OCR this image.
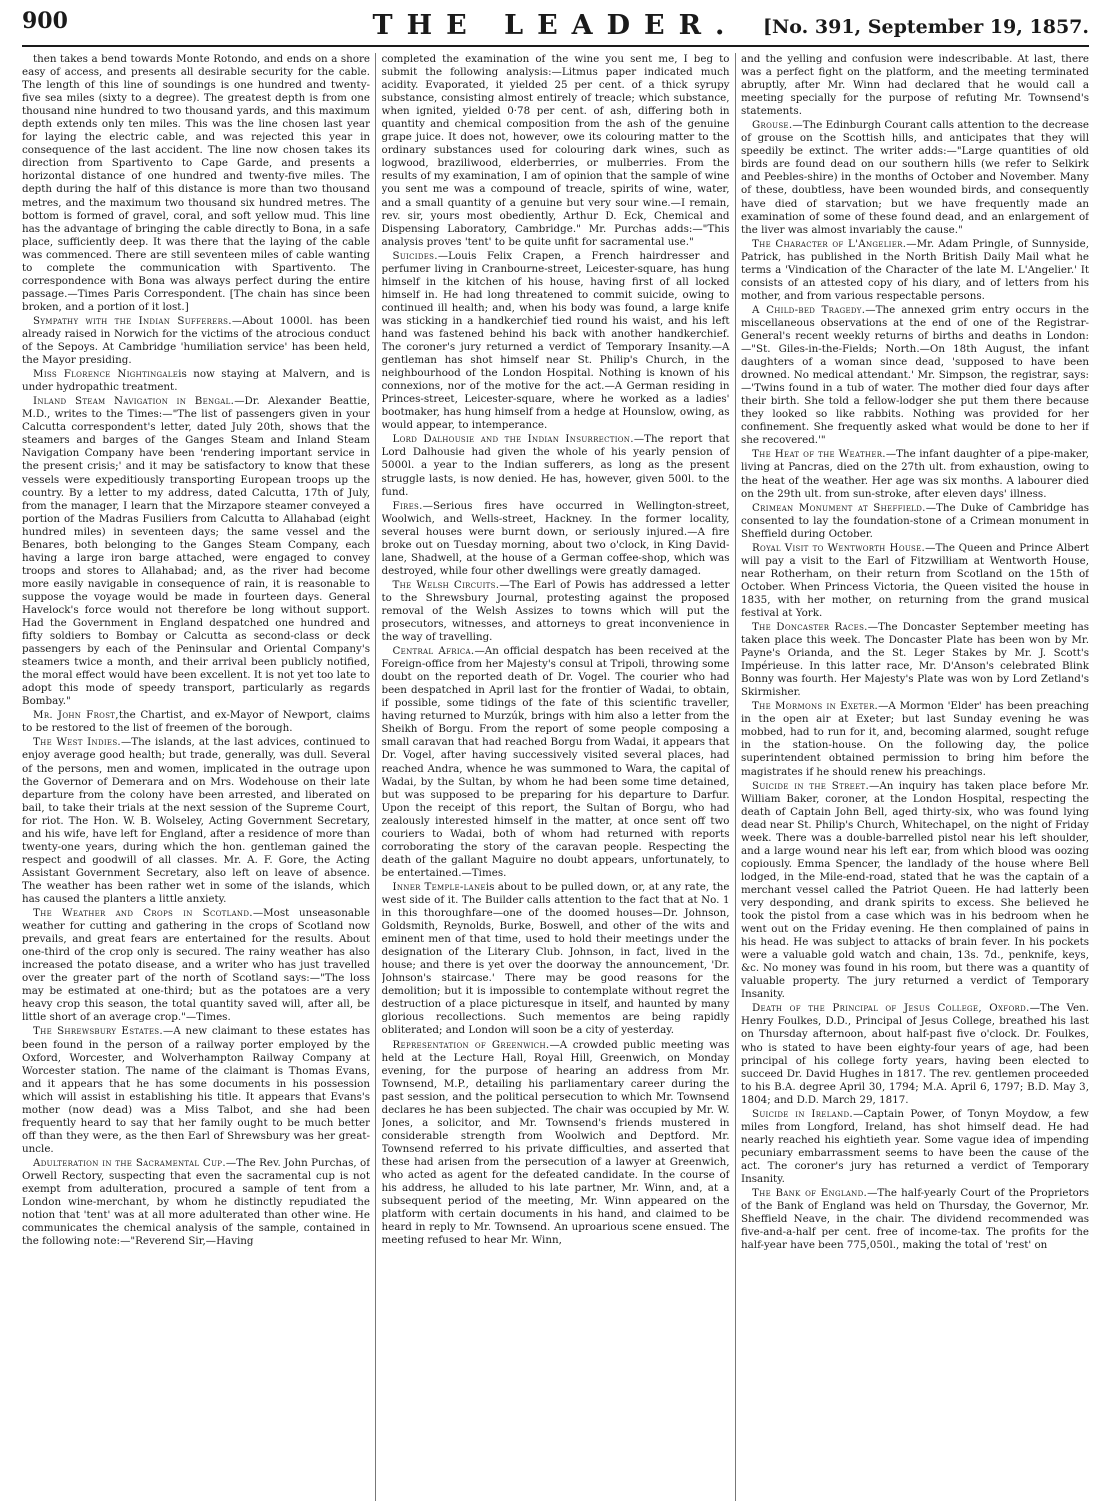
900	THE LEADER.	[No. 391, September 19, 1857.

then takes a bend towards Monte Rotondo, and ends on a shore easy of access, and presents all desirable security for the cable. The length of this line of soundings is one hundred and twenty-five sea miles (sixty to a degree). The greatest depth is from one thousand nine hundred to two thousand yards, and this maximum depth extends only ten miles. This was the line chosen last year for laying the electric cable, and was rejected this year in consequence of the last accident. The line now chosen takes its direction from Spartivento to Cape Garde, and presents a horizontal distance of one hundred and twenty-five miles. The depth during the half of this distance is more than two thousand metres, and the maximum two thousand six hundred metres. The bottom is formed of gravel, coral, and soft yellow mud. This line has the advantage of bringing the cable directly to Bona, in a safe place, sufficiently deep. It was there that the laying of the cable was commenced. There are still seventeen miles of cable wanting to complete the communication with Spartivento. The correspondence with Bona was always perfect during the entire passage.—Times Paris Correspondent. [The chain has since been broken, and a portion of it lost.]

Sympathy with the Indian Sufferers.—About 1000l. has been already raised in Norwich for the victims of the atrocious conduct of the Sepoys. At Cambridge 'humiliation service' has been held, the Mayor presiding.

Miss Florence Nightingaleis now staying at Malvern, and is under hydropathic treatment.

Inland Steam Navigation in Bengal.—Dr. Alexander Beattie, M.D., writes to the Times:—"The list of passengers given in your Calcutta correspondent's letter, dated July 20th, shows that the steamers and barges of the Ganges Steam and Inland Steam Navigation Company have been 'rendering important service in the present crisis;' and it may be satisfactory to know that these vessels were expeditiously transporting European troops up the country. By a letter to my address, dated Calcutta, 17th of July, from the manager, I learn that the Mirzapore steamer conveyed a portion of the Madras Fusiliers from Calcutta to Allahabad (eight hundred miles) in seventeen days; the same vessel and the Benares, both belonging to the Ganges Steam Company, each having a large iron barge attached, were engaged to convey troops and stores to Allahabad; and, as the river had become more easily navigable in consequence of rain, it is reasonable to suppose the voyage would be made in fourteen days. General Havelock's force would not therefore be long without support. Had the Government in England despatched one hundred and fifty soldiers to Bombay or Calcutta as second-class or deck passengers by each of the Peninsular and Oriental Company's steamers twice a month, and their arrival been publicly notified, the moral effect would have been excellent. It is not yet too late to adopt this mode of speedy transport, particularly as regards Bombay."

Mr. John Frost,the Chartist, and ex-Mayor of Newport, claims to be restored to the list of freemen of the borough.

The West Indies.—The islands, at the last advices, continued to enjoy average good health; but trade, generally, was dull. Several of the persons, men and women, implicated in the outrage upon the Governor of Demerara and on Mrs. Wodehouse on their late departure from the colony have been arrested, and liberated on bail, to take their trials at the next session of the Supreme Court, for riot. The Hon. W. B. Wolseley, Acting Government Secretary, and his wife, have left for England, after a residence of more than twenty-one years, during which the hon. gentleman gained the respect and goodwill of all classes. Mr. A. F. Gore, the Acting Assistant Government Secretary, also left on leave of absence. The weather has been rather wet in some of the islands, which has caused the planters a little anxiety.

The Weather and Crops in Scotland.—Most unseasonable weather for cutting and gathering in the crops of Scotland now prevails, and great fears are entertained for the results. About one-third of the crop only is secured. The rainy weather has also increased the potato disease, and a writer who has just travelled over the greater part of the north of Scotland says:—"The loss may be estimated at one-third; but as the potatoes are a very heavy crop this season, the total quantity saved will, after all, be little short of an average crop."—Times.

The Shrewsbury Estates.—A new claimant to these estates has been found in the person of a railway porter employed by the Oxford, Worcester, and Wolverhampton Railway Company at Worcester station. The name of the claimant is Thomas Evans, and it appears that he has some documents in his possession which will assist in establishing his title. It appears that Evans's mother (now dead) was a Miss Talbot, and she had been frequently heard to say that her family ought to be much better off than they were, as the then Earl of Shrewsbury was her great-uncle.

Adulteration in the Sacramental Cup.—The Rev. John Purchas, of Orwell Rectory, suspecting that even the sacramental cup is not exempt from adulteration, procured a sample of tent from a London wine-merchant, by whom he distinctly repudiated the notion that 'tent' was at all more adulterated than other wine. He communicates the chemical analysis of the sample, contained in the following note:—"Reverend Sir,—Having

completed the examination of the wine you sent me, I beg to submit the following analysis:—Litmus paper indicated much acidity. Evaporated, it yielded 25 per cent. of a thick syrupy substance, consisting almost entirely of treacle; which substance, when ignited, yielded 0·78 per cent. of ash, differing both in quantity and chemical composition from the ash of the genuine grape juice. It does not, however, owe its colouring matter to the ordinary substances used for colouring dark wines, such as logwood, braziliwood, elderberries, or mulberries. From the results of my examination, I am of opinion that the sample of wine you sent me was a compound of treacle, spirits of wine, water, and a small quantity of a genuine but very sour wine.—I remain, rev. sir, yours most obediently, Arthur D. Eck, Chemical and Dispensing Laboratory, Cambridge." Mr. Purchas adds:—"This analysis proves 'tent' to be quite unfit for sacramental use."

Suicides.—Louis Felix Crapen, a French hairdresser and perfumer living in Cranbourne-street, Leicester-square, has hung himself in the kitchen of his house, having first of all locked himself in. He had long threatened to commit suicide, owing to continued ill health; and, when his body was found, a large knife was sticking in a handkerchief tied round his waist, and his left hand was fastened behind his back with another handkerchief. The coroner's jury returned a verdict of Temporary Insanity.—A gentleman has shot himself near St. Philip's Church, in the neighbourhood of the London Hospital. Nothing is known of his connexions, nor of the motive for the act.—A German residing in Princes-street, Leicester-square, where he worked as a ladies' bootmaker, has hung himself from a hedge at Hounslow, owing, as would appear, to intemperance.

Lord Dalhousie and the Indian Insurrection.—The report that Lord Dalhousie had given the whole of his yearly pension of 5000l. a year to the Indian sufferers, as long as the present struggle lasts, is now denied. He has, however, given 500l. to the fund.

Fires.—Serious fires have occurred in Wellington-street, Woolwich, and Wells-street, Hackney. In the former locality, several houses were burnt down, or seriously injured.—A fire broke out on Tuesday morning, about two o'clock, in King David-lane, Shadwell, at the house of a German coffee-shop, which was destroyed, while four other dwellings were greatly damaged.

The Welsh Circuits.—The Earl of Powis has addressed a letter to the Shrewsbury Journal, protesting against the proposed removal of the Welsh Assizes to towns which will put the prosecutors, witnesses, and attorneys to great inconvenience in the way of travelling.

Central Africa.—An official despatch has been received at the Foreign-office from her Majesty's consul at Tripoli, throwing some doubt on the reported death of Dr. Vogel. The courier who had been despatched in April last for the frontier of Wadai, to obtain, if possible, some tidings of the fate of this scientific traveller, having returned to Murzúk, brings with him also a letter from the Sheikh of Borgu. From the report of some people composing a small caravan that had reached Borgu from Wadai, it appears that Dr. Vogel, after having successively visited several places, had reached Andra, whence he was summoned to Wara, the capital of Wadai, by the Sultan, by whom he had been some time detained, but was supposed to be preparing for his departure to Darfur. Upon the receipt of this report, the Sultan of Borgu, who had zealously interested himself in the matter, at once sent off two couriers to Wadai, both of whom had returned with reports corroborating the story of the caravan people. Respecting the death of the gallant Maguire no doubt appears, unfortunately, to be entertained.—Times.

Inner Temple-laneis about to be pulled down, or, at any rate, the west side of it. The Builder calls attention to the fact that at No. 1 in this thoroughfare—one of the doomed houses—Dr. Johnson, Goldsmith, Reynolds, Burke, Boswell, and other of the wits and eminent men of that time, used to hold their meetings under the designation of the Literary Club. Johnson, in fact, lived in the house; and there is yet over the doorway the announcement, 'Dr. Johnson's staircase.' There may be good reasons for the demolition; but it is impossible to contemplate without regret the destruction of a place picturesque in itself, and haunted by many glorious recollections. Such mementos are being rapidly obliterated; and London will soon be a city of yesterday.

Representation of Greenwich.—A crowded public meeting was held at the Lecture Hall, Royal Hill, Greenwich, on Monday evening, for the purpose of hearing an address from Mr. Townsend, M.P., detailing his parliamentary career during the past session, and the political persecution to which Mr. Townsend declares he has been subjected. The chair was occupied by Mr. W. Jones, a solicitor, and Mr. Townsend's friends mustered in considerable strength from Woolwich and Deptford. Mr. Townsend referred to his private difficulties, and asserted that these had arisen from the persecution of a lawyer at Greenwich, who acted as agent for the defeated candidate. In the course of his address, he alluded to his late partner, Mr. Winn, and, at a subsequent period of the meeting, Mr. Winn appeared on the platform with certain documents in his hand, and claimed to be heard in reply to Mr. Townsend. An uproarious scene ensued. The meeting refused to hear Mr. Winn,

and the yelling and confusion were indescribable. At last, there was a perfect fight on the platform, and the meeting terminated abruptly, after Mr. Winn had declared that he would call a meeting specially for the purpose of refuting Mr. Townsend's statements.

Grouse.—The Edinburgh Courant calls attention to the decrease of grouse on the Scottish hills, and anticipates that they will speedily be extinct. The writer adds:—"Large quantities of old birds are found dead on our southern hills (we refer to Selkirk and Peebles-shire) in the months of October and November. Many of these, doubtless, have been wounded birds, and consequently have died of starvation; but we have frequently made an examination of some of these found dead, and an enlargement of the liver was almost invariably the cause."

The Character of L'Angelier.—Mr. Adam Pringle, of Sunnyside, Patrick, has published in the North British Daily Mail what he terms a 'Vindication of the Character of the late M. L'Angelier.' It consists of an attested copy of his diary, and of letters from his mother, and from various respectable persons.

A Child-bed Tragedy.—The annexed grim entry occurs in the miscellaneous observations at the end of one of the Registrar-General's recent weekly returns of births and deaths in London:—"St. Giles-in-the-Fields; North.—On 18th August, the infant daughters of a woman since dead, 'supposed to have been drowned. No medical attendant.' Mr. Simpson, the registrar, says:—'Twins found in a tub of water. The mother died four days after their birth. She told a fellow-lodger she put them there because they looked so like rabbits. Nothing was provided for her confinement. She frequently asked what would be done to her if she recovered.'"

The Heat of the Weather.—The infant daughter of a pipe-maker, living at Pancras, died on the 27th ult. from exhaustion, owing to the heat of the weather. Her age was six months. A labourer died on the 29th ult. from sun-stroke, after eleven days' illness.

Crimean Monument at Sheffield.—The Duke of Cambridge has consented to lay the foundation-stone of a Crimean monument in Sheffield during October.

Royal Visit to Wentworth House.—The Queen and Prince Albert will pay a visit to the Earl of Fitzwilliam at Wentworth House, near Rotherham, on their return from Scotland on the 15th of October. When Princess Victoria, the Queen visited the house in 1835, with her mother, on returning from the grand musical festival at York.

The Doncaster Races.—The Doncaster September meeting has taken place this week. The Doncaster Plate has been won by Mr. Payne's Orianda, and the St. Leger Stakes by Mr. J. Scott's Impérieuse. In this latter race, Mr. D'Anson's celebrated Blink Bonny was fourth. Her Majesty's Plate was won by Lord Zetland's Skirmisher.

The Mormons in Exeter.—A Mormon 'Elder' has been preaching in the open air at Exeter; but last Sunday evening he was mobbed, had to run for it, and, becoming alarmed, sought refuge in the station-house. On the following day, the police superintendent obtained permission to bring him before the magistrates if he should renew his preachings.

Suicide in the Street.—An inquiry has taken place before Mr. William Baker, coroner, at the London Hospital, respecting the death of Captain John Bell, aged thirty-six, who was found lying dead near St. Philip's Church, Whitechapel, on the night of Friday week. There was a double-barrelled pistol near his left shoulder, and a large wound near his left ear, from which blood was oozing copiously. Emma Spencer, the landlady of the house where Bell lodged, in the Mile-end-road, stated that he was the captain of a merchant vessel called the Patriot Queen. He had latterly been very desponding, and drank spirits to excess. She believed he took the pistol from a case which was in his bedroom when he went out on the Friday evening. He then complained of pains in his head. He was subject to attacks of brain fever. In his pockets were a valuable gold watch and chain, 13s. 7d., penknife, keys, &c. No money was found in his room, but there was a quantity of valuable property. The jury returned a verdict of Temporary Insanity.

Death of the Principal of Jesus College, Oxford.—The Ven. Henry Foulkes, D.D., Principal of Jesus College, breathed his last on Thursday afternoon, about half-past five o'clock. Dr. Foulkes, who is stated to have been eighty-four years of age, had been principal of his college forty years, having been elected to succeed Dr. David Hughes in 1817. The rev. gentlemen proceeded to his B.A. degree April 30, 1794; M.A. April 6, 1797; B.D. May 3, 1804; and D.D. March 29, 1817.

Suicide in Ireland.—Captain Power, of Tonyn Moydow, a few miles from Longford, Ireland, has shot himself dead. He had nearly reached his eightieth year. Some vague idea of impending pecuniary embarrassment seems to have been the cause of the act. The coroner's jury has returned a verdict of Temporary Insanity.

The Bank of England.—The half-yearly Court of the Proprietors of the Bank of England was held on Thursday, the Governor, Mr. Sheffield Neave, in the chair. The dividend recommended was five-and-a-half per cent. free of income-tax. The profits for the half-year have been 775,050l., making the total of 'rest' on
